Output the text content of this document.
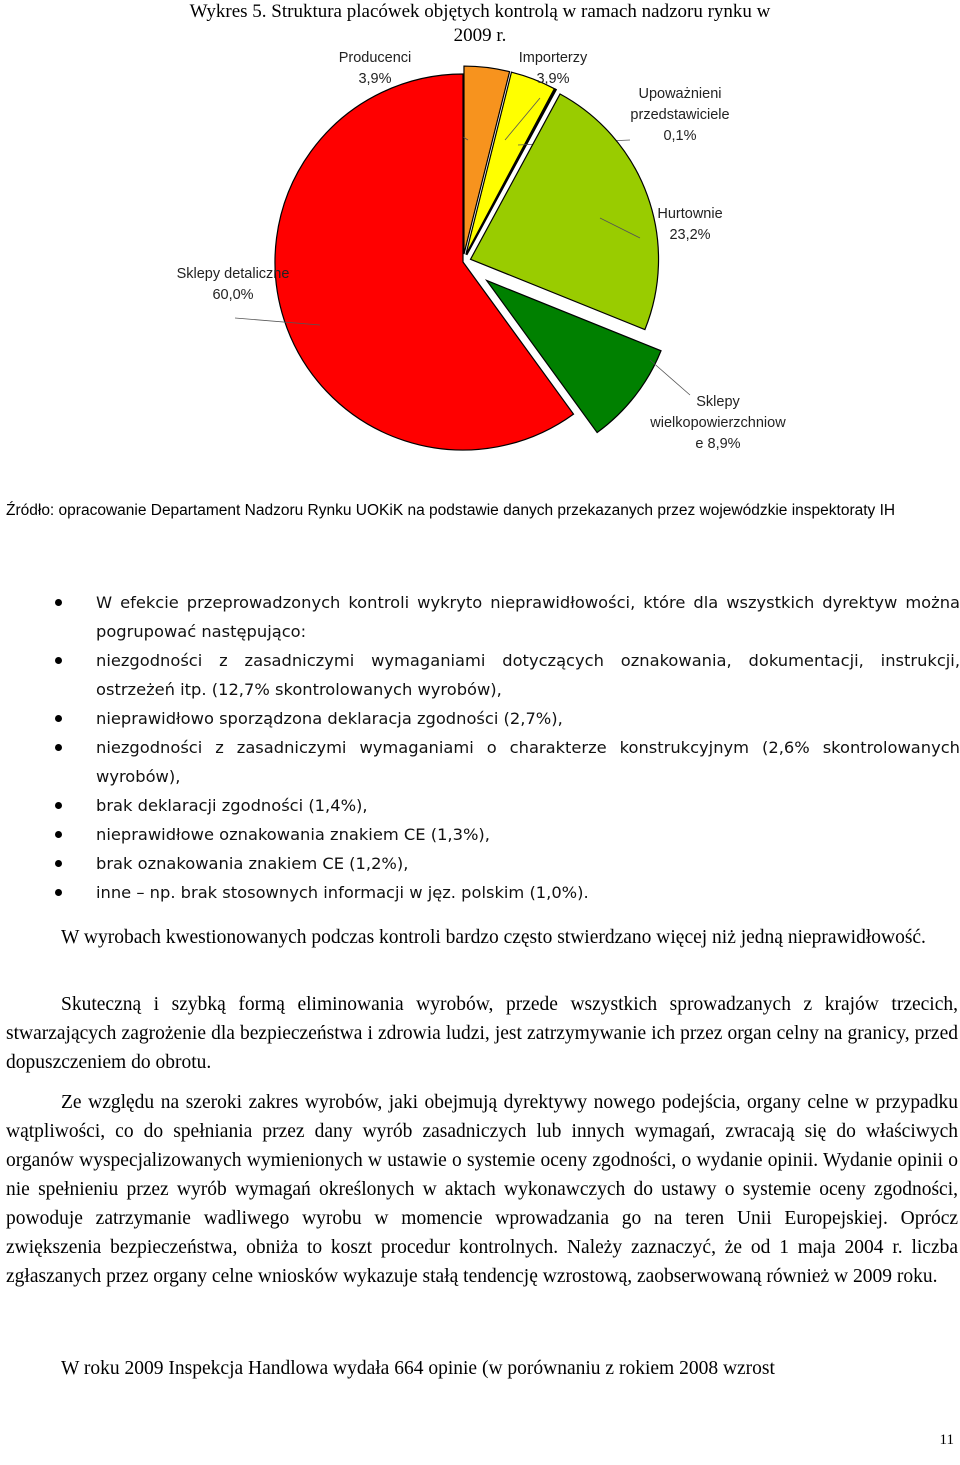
Wykres 5. Struktura placówek objętych kontrolą w ramach nadzoru rynku w 2009 r.
Producenci 3,9%
Importerzy 3,9%
Upoważnieni przedstawiciele 0,1%
Hurtownie 23,2%
Sklepy wielkopowierzchniow e 8,9%
Sklepy detaliczne 60,0%
Źródło: opracowanie Departament Nadzoru Rynku UOKiK na podstawie danych przekazanych przez wojewódzkie inspektoraty IH
W efekcie przeprowadzonych kontroli wykryto nieprawidłowości, które dla wszystkich dyrektyw można pogrupować następująco:
niezgodności z zasadniczymi wymaganiami dotyczących oznakowania, dokumentacji, instrukcji, ostrzeżeń itp. (12,7% skontrolowanych wyrobów),
nieprawidłowo sporządzona deklaracja zgodności (2,7%),
niezgodności z zasadniczymi wymaganiami o charakterze konstrukcyjnym (2,6% skontrolowanych wyrobów),
brak deklaracji zgodności (1,4%),
nieprawidłowe oznakowania znakiem CE (1,3%),
brak oznakowania znakiem CE (1,2%),
inne – np. brak stosownych informacji w jęz. polskim (1,0%).

W wyrobach kwestionowanych podczas kontroli bardzo często stwierdzano więcej niż jedną nieprawidłowość.

Skuteczną i szybką formą eliminowania wyrobów, przede wszystkich sprowadzanych z krajów trzecich, stwarzających zagrożenie dla bezpieczeństwa i zdrowia ludzi, jest zatrzymywanie ich przez organ celny na granicy, przed dopuszczeniem do obrotu.

Ze względu na szeroki zakres wyrobów, jaki obejmują dyrektywy nowego podejścia, organy celne w przypadku wątpliwości, co do spełniania przez dany wyrób zasadniczych lub innych wymagań, zwracają się do właściwych organów wyspecjalizowanych wymienionych w ustawie o systemie oceny zgodności, o wydanie opinii. Wydanie opinii o nie spełnieniu przez wyrób wymagań określonych w aktach wykonawczych do ustawy o systemie oceny zgodności, powoduje zatrzymanie wadliwego wyrobu w momencie wprowadzania go na teren Unii Europejskiej. Oprócz zwiększenia bezpieczeństwa, obniża to koszt procedur kontrolnych. Należy zaznaczyć, że od 1 maja 2004 r. liczba zgłaszanych przez organy celne wniosków wykazuje stałą tendencję wzrostową, zaobserwowaną również w 2009 roku.

W roku 2009 Inspekcja Handlowa wydała 664 opinie (w porównaniu z rokiem 2008 wzrost

11
